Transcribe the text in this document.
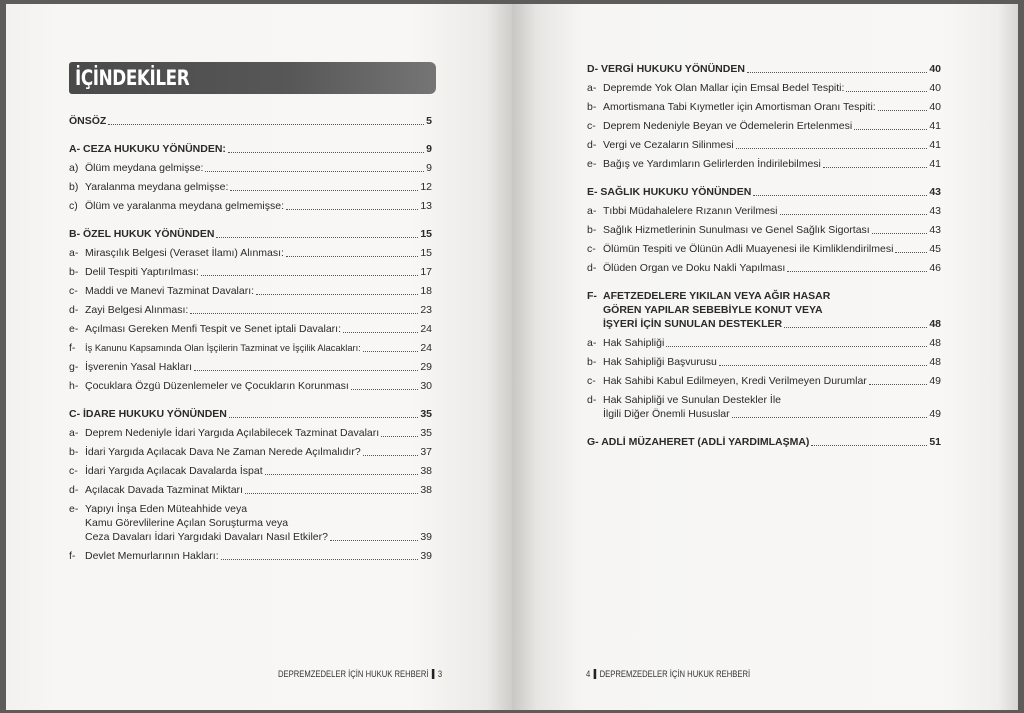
İÇİNDEKİLER
ÖNSÖZ	5
A- CEZA HUKUKU YÖNÜNDEN:	9
a) Ölüm meydana gelmişse:	9
b) Yaralanma meydana gelmişse:	12
c) Ölüm ve yaralanma meydana gelmemişse:	13
B- ÖZEL HUKUK YÖNÜNDEN	15
a- Mirasçılık Belgesi (Veraset İlamı) Alınması:	15
b- Delil Tespiti Yaptırılması:	17
c- Maddi ve Manevi Tazminat Davaları:	18
d- Zayi Belgesi Alınması:	23
e- Açılması Gereken Menfi Tespit ve Senet iptali Davaları:	24
f-	İş Kanunu Kapsamında Olan İşçilerin Tazminat ve İşçilik Alacakları:	24
g- İşverenin Yasal Hakları	29
h- Çocuklara Özgü Düzenlemeler ve Çocukların Korunması	30
C- İDARE HUKUKU YÖNÜNDEN	35
a- Deprem Nedeniyle İdari Yargıda Açılabilecek Tazminat Davaları	35
b- İdari Yargıda Açılacak Dava Ne Zaman Nerede Açılmalıdır?	37
c- İdari Yargıda Açılacak Davalarda İspat	38
d- Açılacak Davada Tazminat Miktarı	38
e- Yapıyı İnşa Eden Müteahhide veya
Kamu Görevlilerine Açılan Soruşturma veya
Ceza Davaları İdari Yargıdaki Davaları Nasıl Etkiler?	39
f- Devlet Memurlarının Hakları:	39
DEPREMZEDELER İÇİN HUKUK REHBERİ 3
D- VERGİ HUKUKU YÖNÜNDEN	40
a- Depremde Yok Olan Mallar için Emsal Bedel Tespiti:	40
b- Amortismana Tabi Kıymetler için Amortisman Oranı Tespiti:	40
c- Deprem Nedeniyle Beyan ve Ödemelerin Ertelenmesi	41
d- Vergi ve Cezaların Silinmesi	41
e- Bağış ve Yardımların Gelirlerden İndirilebilmesi	41
E- SAĞLIK HUKUKU YÖNÜNDEN	43
a- Tıbbi Müdahalelere Rızanın Verilmesi	43
b- Sağlık Hizmetlerinin Sunulması ve Genel Sağlık Sigortası	43
c- Ölümün Tespiti ve Ölünün Adli Muayenesi ile Kimliklendirilmesi	45
d- Ölüden Organ ve Doku Nakli Yapılması	46
F- AFETZEDELERE YIKILAN VEYA AĞIR HASAR
GÖREN YAPILAR SEBEBİYLE KONUT VEYA
İŞYERİ İÇİN SUNULAN DESTEKLER	48
a- Hak Sahipliği	48
b- Hak Sahipliği Başvurusu	48
c- Hak Sahibi Kabul Edilmeyen, Kredi Verilmeyen Durumlar	49
d- Hak Sahipliği ve Sunulan Destekler İle
İlgili Diğer Önemli Hususlar	49
G- ADLİ MÜZAHERET (ADLİ YARDIMLAŞMA)	51
4 DEPREMZEDELER İÇİN HUKUK REHBERİ
